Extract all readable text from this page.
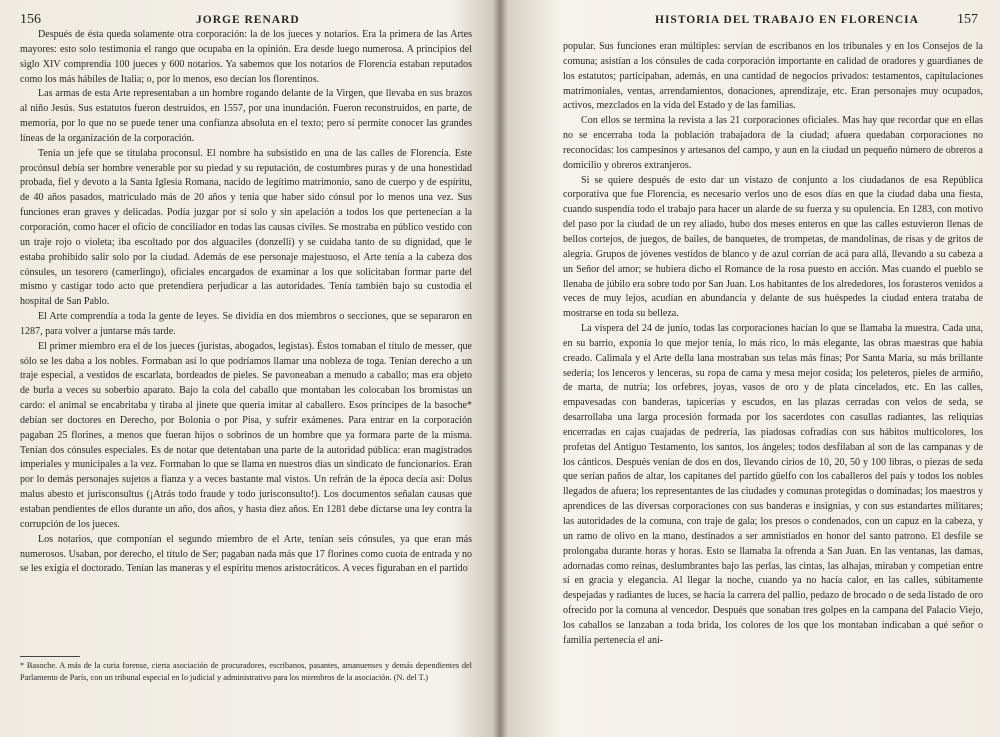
156	JORGE RENARD

Después de ésta queda solamente otra corporación: la de los jueces y notarios. Era la primera de las Artes mayores: esto solo testimonia el rango que ocupaba en la opinión. Era desde luego numerosa. A principios del siglo XIV comprendía 100 jueces y 600 notarios. Ya sabemos que los notarios de Florencia estaban reputados como los más hábiles de Italia; o, por lo menos, eso decían los florentinos.

Las armas de esta Arte representaban a un hombre rogando delante de la Virgen, que llevaba en sus brazos al niño Jesús. Sus estatutos fueron destruidos, en 1557, por una inundación. Fueron reconstruidos, en parte, de memoria, por lo que no se puede tener una confianza absoluta en el texto; pero sí permite conocer las grandes líneas de la organización de la corporación.

Tenía un jefe que se titulaba proconsul. El nombre ha subsistido en una de las calles de Florencia. Este procónsul debía ser hombre venerable por su piedad y su reputación, de costumbres puras y de una honestidad probada, fiel y devoto a la Santa Iglesia Romana, nacido de legítimo matrimonio, sano de cuerpo y de espíritu, de 40 años pasados, matriculado más de 20 años y tenía que haber sido cónsul por lo menos una vez. Sus funciones eran graves y delicadas. Podía juzgar por sí solo y sin apelación a todos los que pertenecían a la corporación, como hacer el oficio de conciliador en todas las causas civiles. Se mostraba en público vestido con un traje rojo o violeta; iba escoltado por dos alguaciles (donzelli) y se cuidaba tanto de su dignidad, que le estaba prohibido salir solo por la ciudad. Además de ese personaje majestuoso, el Arte tenía a la cabeza dos cónsules, un tesorero (camerlingo), oficiales encargados de examinar a los que solicitaban formar parte del mismo y castigar todo acto que pretendiera perjudicar a las autoridades. Tenía también bajo su custodia el hospital de San Pablo.

El Arte comprendía a toda la gente de leyes. Se dividía en dos miembros o secciones, que se separaron en 1287, para volver a juntarse más tarde.

El primer miembro era el de los jueces (juristas, abogados, legistas). Éstos tomaban el título de messer, que sólo se les daba a los nobles. Formaban así lo que podríamos llamar una nobleza de toga. Tenían derecho a un traje especial, a vestidos de escarlata, bordeados de pieles. Se pavoneaban a menudo a caballo; mas era objeto de burla a veces su soberbio aparato. Bajo la cola del caballo que montaban les colocaban los bromistas un cardo: el animal se encabritaba y tiraba al jinete que quería imitar al caballero. Esos príncipes de la basoche* debían ser doctores en Derecho, por Bolonia o por Pisa, y sufrir exámenes. Para entrar en la corporación pagaban 25 florines, a menos que fueran hijos o sobrinos de un hombre que ya formara parte de la misma. Tenían dos cónsules especiales. Es de notar que detentaban una parte de la autoridad pública: eran magistrados imperiales y municipales a la vez. Formaban lo que se llama en nuestros días un sindicato de funcionarios. Eran por lo demás personajes sujetos a fianza y a veces bastante mal vistos. Un refrán de la época decía así: Dolus malus abesto et jurisconsultus (¡Atrás todo fraude y todo jurisconsulto!). Los documentos señalan causas que estaban pendientes de ellos durante un año, dos años, y hasta diez años. En 1281 debe dictarse una ley contra la corrupción de los jueces.

Los notarios, que componían el segundo miembro de el Arte, tenían seis cónsules, ya que eran más numerosos. Usaban, por derecho, el título de Ser; pagaban nada más que 17 florines como cuota de entrada y no se les exigía el doctorado. Tenían las maneras y el espíritu menos aristocráticos. A veces figuraban en el partido

* Basoche. A más de la curia forense, cierta asociación de procuradores, escribanos, pasantes, amanuenses y demás dependientes del Parlamento de París, con un tribunal especial en lo judicial y administrativo para los miembros de la asociación. (N. del T.)
HISTORIA DEL TRABAJO EN FLORENCIA	157

popular. Sus funciones eran múltiples: servían de escribanos en los tribunales y en los Consejos de la comuna; asistían a los cónsules de cada corporación importante en calidad de oradores y guardianes de los estatutos; participaban, además, en una cantidad de negocios privados: testamentos, capitulaciones matrimoniales, ventas, arrendamientos, donaciones, aprendizaje, etc. Eran personajes muy ocupados, activos, mezclados en la vida del Estado y de las familias.

Con ellos se termina la revista a las 21 corporaciones oficiales. Mas hay que recordar que en ellas no se encerraba toda la población trabajadora de la ciudad; afuera quedaban corporaciones no reconocidas: los campesinos y artesanos del campo, y aun en la ciudad un pequeño número de obreros a domicilio y obreros extranjeros.

Si se quiere después de esto dar un vistazo de conjunto a los ciudadanos de esa República corporativa que fue Florencia, es necesario verlos uno de esos días en que la ciudad daba una fiesta, cuando suspendía todo el trabajo para hacer un alarde de su fuerza y su opulencia. En 1283, con motivo del paso por la ciudad de un rey aliado, hubo dos meses enteros en que las calles estuvieron llenas de bellos cortejos, de juegos, de bailes, de banquetes, de trompetas, de mandolinas, de risas y de gritos de alegría. Grupos de jóvenes vestidos de blanco y de azul corrían de acá para allá, llevando a su cabeza a un Señor del amor; se hubiera dicho el Romance de la rosa puesto en acción. Mas cuando el pueblo se llenaba de júbilo era sobre todo por San Juan. Los habitantes de los alrededores, los forasteros venidos a veces de muy lejos, acudían en abundancia y delante de sus huéspedes la ciudad entera trataba de mostrarse en toda su belleza.

La víspera del 24 de junio, todas las corporaciones hacían lo que se llamaba la muestra. Cada una, en su barrio, exponía lo que mejor tenía, lo más rico, lo más elegante, las obras maestras que había creado. Calimala y el Arte della lana mostraban sus telas más finas; Por Santa María, su más brillante sedería; los lenceros y lenceras, su ropa de cama y mesa mejor cosida; los peleteros, pieles de armiño, de marta, de nutria; los orfebres, joyas, vasos de oro y de plata cincelados, etc. En las calles, empavesadas con banderas, tapicerías y escudos, en las plazas cerradas con velos de seda, se desarrollaba una larga procesión formada por los sacerdotes con casullas radiantes, las reliquias encerradas en cajas cuajadas de pedrería, las piadosas cofradías con sus hábitos multicolores, los profetas del Antiguo Testamento, los santos, los ángeles; todos desfilaban al son de las campanas y de los cánticos. Después venían de dos en dos, llevando cirios de 10, 20, 50 y 100 libras, o piezas de seda que serían paños de altar, los capitanes del partido güelfo con los caballeros del país y todos los nobles llegados de afuera; los representantes de las ciudades y comunas protegidas o dominadas; los maestros y aprendices de las diversas corporaciones con sus banderas e insignias, y con sus estandartes militares; las autoridades de la comuna, con traje de gala; los presos o condenados, con un capuz en la cabeza, y un ramo de olivo en la mano, destinados a ser amnistiados en honor del santo patrono. El desfile se prolongaba durante horas y horas. Esto se llamaba la ofrenda a San Juan. En las ventanas, las damas, adornadas como reinas, deslumbrantes bajo las perlas, las cintas, las alhajas, miraban y competían entre sí en gracia y elegancia. Al llegar la noche, cuando ya no hacía calor, en las calles, súbitamente despejadas y radiantes de luces, se hacía la carrera del pallio, pedazo de brocado o de seda listado de oro ofrecido por la comuna al vencedor. Después que sonaban tres golpes en la campana del Palacio Viejo, los caballos se lanzaban a toda brida, los colores de los que los montaban indicaban a qué señor o familia pertenecía el ani-
